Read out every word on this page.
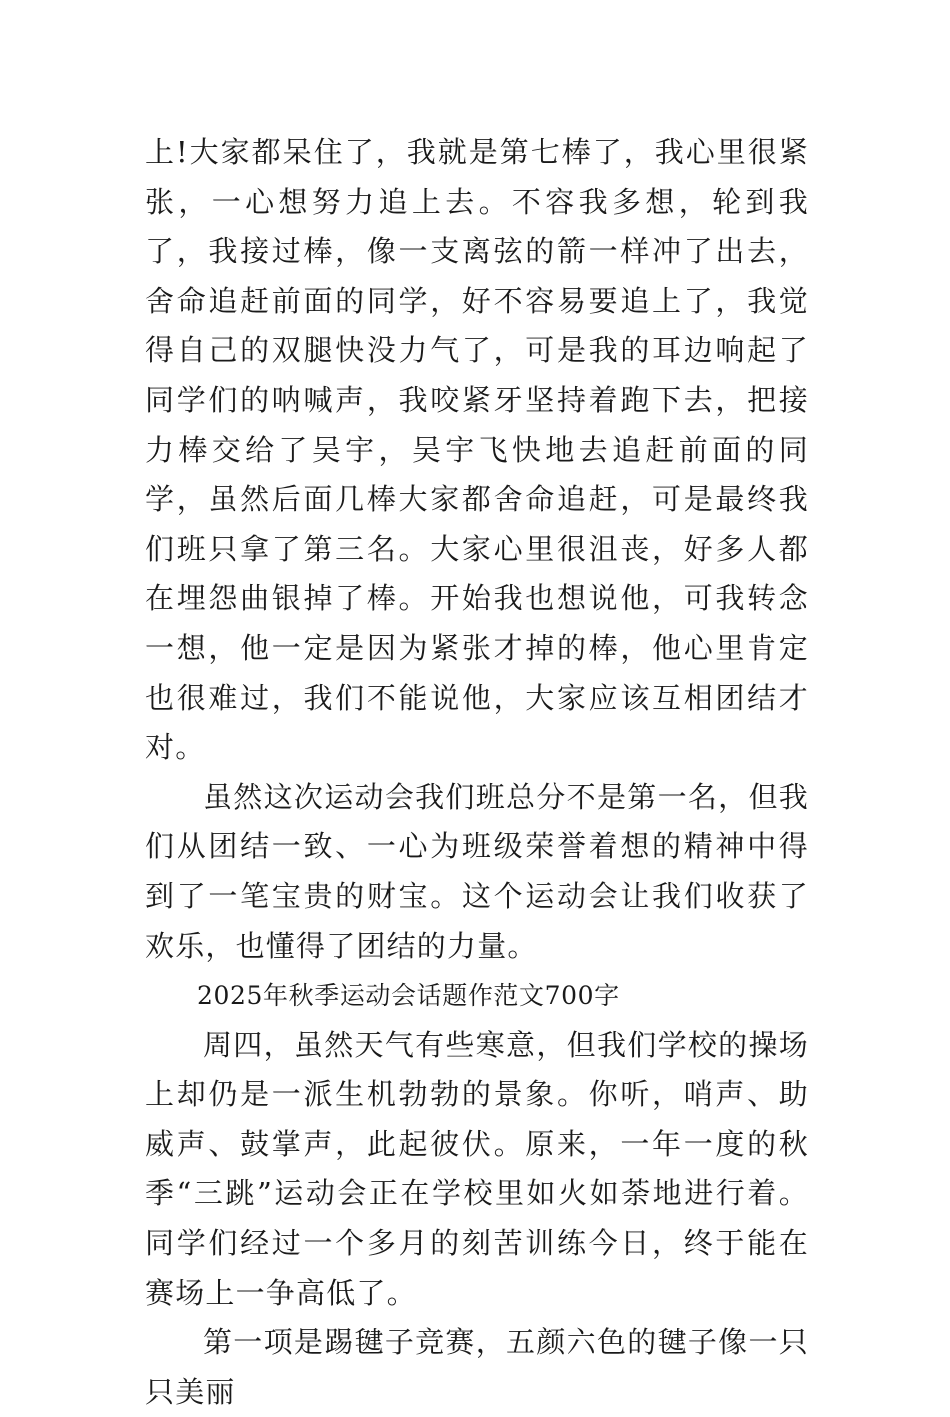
上!大家都呆住了，我就是第七棒了，我心里很紧张，一心想努力追上去。不容我多想，轮到我了，我接过棒，像一支离弦的箭一样冲了出去，舍命追赶前面的同学，好不容易要追上了，我觉得自己的双腿快没力气了，可是我的耳边响起了同学们的呐喊声，我咬紧牙坚持着跑下去，把接力棒交给了吴宇，吴宇飞快地去追赶前面的同学，虽然后面几棒大家都舍命追赶，可是最终我们班只拿了第三名。大家心里很沮丧，好多人都在埋怨曲银掉了棒。开始我也想说他，可我转念一想，他一定是因为紧张才掉的棒，他心里肯定也很难过，我们不能说他，大家应该互相团结才对。

虽然这次运动会我们班总分不是第一名，但我们从团结一致、一心为班级荣誉着想的精神中得到了一笔宝贵的财宝。这个运动会让我们收获了欢乐，也懂得了团结的力量。

2025年秋季运动会话题作范文700字

周四，虽然天气有些寒意，但我们学校的操场上却仍是一派生机勃勃的景象。你听，哨声、助威声、鼓掌声，此起彼伏。原来，一年一度的秋季“三跳”运动会正在学校里如火如荼地进行着。同学们经过一个多月的刻苦训练今日，终于能在赛场上一争高低了。

第一项是踢毽子竞赛，五颜六色的毽子像一只只美丽
